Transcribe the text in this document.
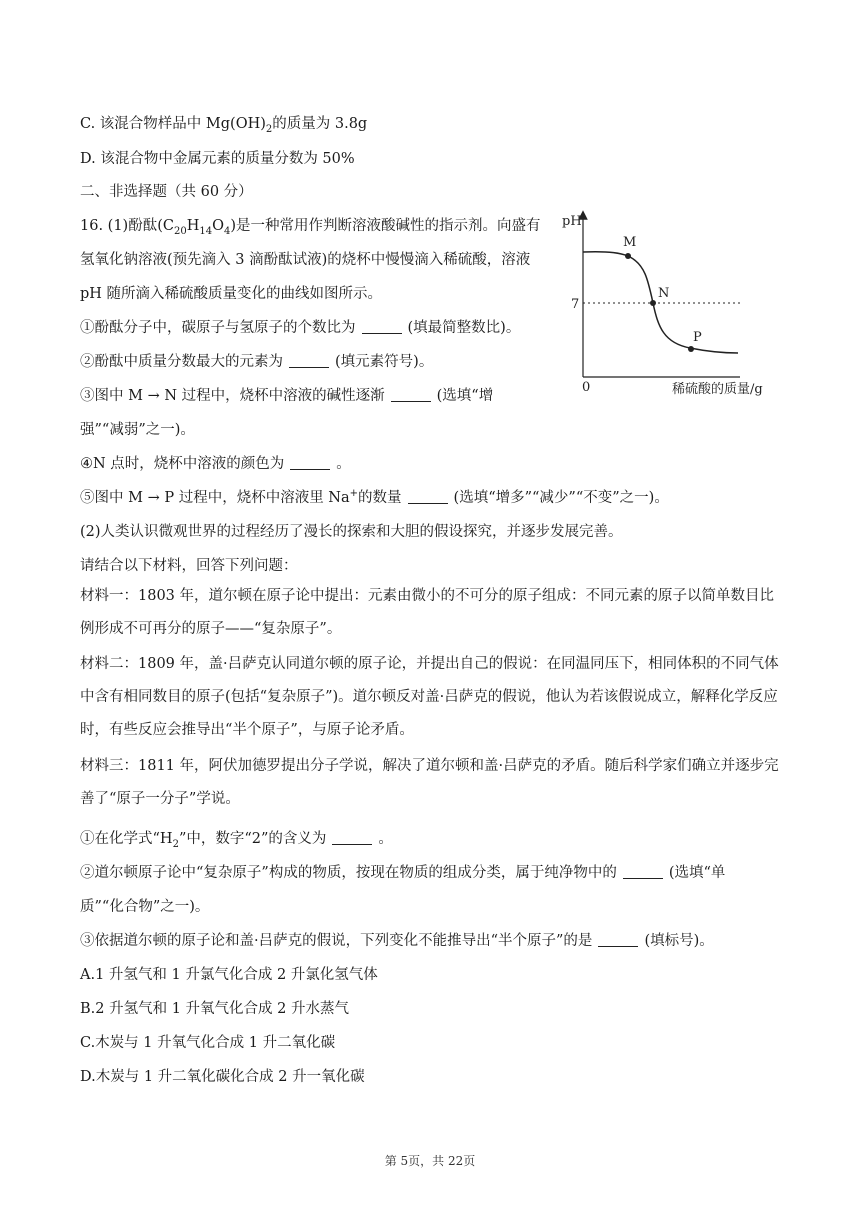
C. 该混合物样品中 $Mg(OH)_2$的质量为 3.8g
D. 该混合物中金属元素的质量分数为 50%
二、非选择题（共 60 分）
16. (1)酚酞$(C_{20}H_{14}O_4)$是一种常用作判断溶液酸碱性的指示剂。向盛有
氢氧化钠溶液(预先滴入 3 滴酚酞试液)的烧杯中慢慢滴入稀硫酸，溶液
pH 随所滴入稀硫酸质量变化的曲线如图所示。
①酚酞分子中，碳原子与氢原子的个数比为	(填最简整数比)。
②酚酞中质量分数最大的元素为	(填元素符号)。
③图中 M → N 过程中，烧杯中溶液的碱性逐渐	(选填“增
强”“减弱”之一)。
④N 点时，烧杯中溶液的颜色为	。
⑤图中 M → P 过程中，烧杯中溶液里 Na+的数量	(选填“增多”“减少”“不变”之一)。
(2)人类认识微观世界的过程经历了漫长的探索和大胆的假设探究，并逐步发展完善。
请结合以下材料，回答下列问题：
材料一：1803 年，道尔顿在原子论中提出：元素由微小的不可分的原子组成：不同元素的原子以简单数目比例形成不可再分的原子——“复杂原子”。
材料二：1809 年，盖·吕萨克认同道尔顿的原子论，并提出自己的假说：在同温同压下，相同体积的不同气体中含有相同数目的原子(包括“复杂原子”)。道尔顿反对盖·吕萨克的假说，他认为若该假说成立，解释化学反应时，有些反应会推导出“半个原子”，与原子论矛盾。
材料三：1811 年，阿伏加德罗提出分子学说，解决了道尔顿和盖·吕萨克的矛盾。随后科学家们确立并逐步完善了“原子一分子”学说。
①在化学式“$H_2$”中，数字“2”的含义为	。
②道尔顿原子论中“复杂原子”构成的物质，按现在物质的组成分类，属于纯净物中的	(选填“单
质”“化合物”之一)。
③依据道尔顿的原子论和盖·吕萨克的假说，下列变化不能推导出“半个原子”的是	(填标号)。
A.1 升氢气和 1 升氯气化合成 2 升氯化氢气体
B.2 升氢气和 1 升氧气化合成 2 升水蒸气
C.木炭与 1 升氧气化合成 1 升二氧化碳
D.木炭与 1 升二氧化碳化合成 2 升一氧化碳
pH
0	稀硫酸的质量/g
7
M
N
P
第 5页，共 22页
